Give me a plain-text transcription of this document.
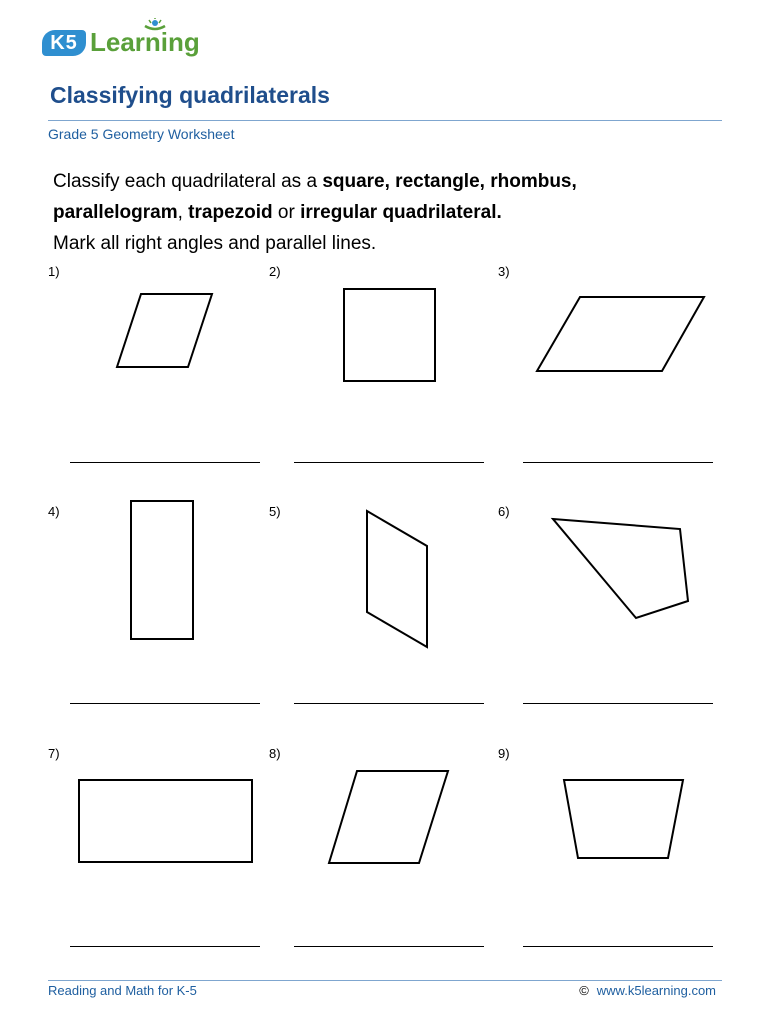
K5 Learning
Classifying quadrilaterals
Grade 5 Geometry Worksheet
Classify each quadrilateral as a square, rectangle, rhombus,
parallelogram, trapezoid or irregular quadrilateral.
Mark all right angles and parallel lines.
1)	2)	3)
4)	5)	6)
7)	8)	9)
Reading and Math for K-5	© www.k5learning.com
